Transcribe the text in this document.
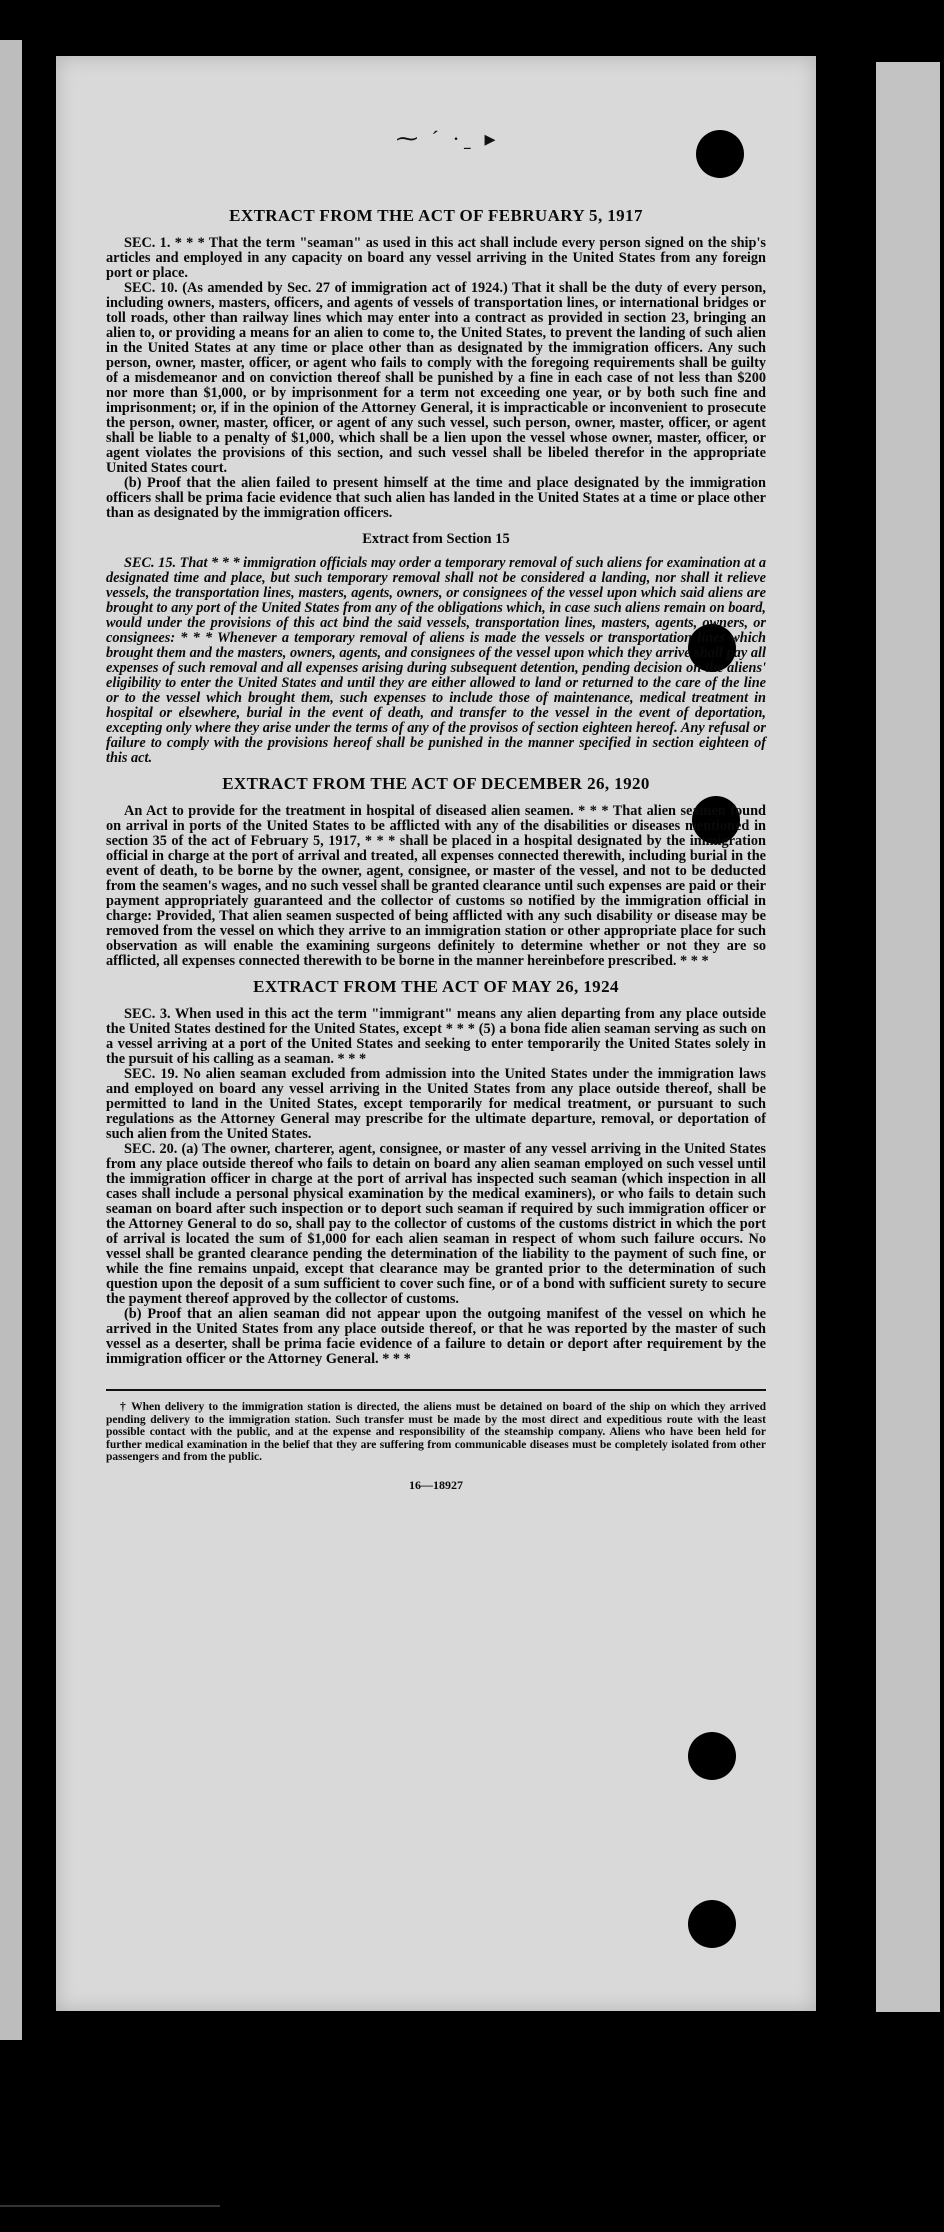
⁓ ˊ ·ˍ ▸
EXTRACT FROM THE ACT OF FEBRUARY 5, 1917

SEC. 1. * * * That the term "seaman" as used in this act shall include every person signed on the ship's articles and employed in any capacity on board any vessel arriving in the United States from any foreign port or place.

SEC. 10. (As amended by Sec. 27 of immigration act of 1924.) That it shall be the duty of every person, including owners, masters, officers, and agents of vessels of transportation lines, or international bridges or toll roads, other than railway lines which may enter into a contract as provided in section 23, bringing an alien to, or providing a means for an alien to come to, the United States, to prevent the landing of such alien in the United States at any time or place other than as designated by the immigration officers. Any such person, owner, master, officer, or agent who fails to comply with the foregoing requirements shall be guilty of a misdemeanor and on conviction thereof shall be punished by a fine in each case of not less than $200 nor more than $1,000, or by imprisonment for a term not exceeding one year, or by both such fine and imprisonment; or, if in the opinion of the Attorney General, it is impracticable or inconvenient to prosecute the person, owner, master, officer, or agent of any such vessel, such person, owner, master, officer, or agent shall be liable to a penalty of $1,000, which shall be a lien upon the vessel whose owner, master, officer, or agent violates the provisions of this section, and such vessel shall be libeled therefor in the appropriate United States court.

(b) Proof that the alien failed to present himself at the time and place designated by the immigration officers shall be prima facie evidence that such alien has landed in the United States at a time or place other than as designated by the immigration officers.

Extract from Section 15

SEC. 15. That * * * immigration officials may order a temporary removal of such aliens for examination at a designated time and place, but such temporary removal shall not be considered a landing, nor shall it relieve vessels, the transportation lines, masters, agents, owners, or consignees of the vessel upon which said aliens are brought to any port of the United States from any of the obligations which, in case such aliens remain on board, would under the provisions of this act bind the said vessels, transportation lines, masters, agents, owners, or consignees: * * * Whenever a temporary removal of aliens is made the vessels or transportation lines which brought them and the masters, owners, agents, and consignees of the vessel upon which they arrive shall pay all expenses of such removal and all expenses arising during subsequent detention, pending decision on the aliens' eligibility to enter the United States and until they are either allowed to land or returned to the care of the line or to the vessel which brought them, such expenses to include those of maintenance, medical treatment in hospital or elsewhere, burial in the event of death, and transfer to the vessel in the event of deportation, excepting only where they arise under the terms of any of the provisos of section eighteen hereof. Any refusal or failure to comply with the provisions hereof shall be punished in the manner specified in section eighteen of this act.

EXTRACT FROM THE ACT OF DECEMBER 26, 1920

An Act to provide for the treatment in hospital of diseased alien seamen. * * * That alien seamen found on arrival in ports of the United States to be afflicted with any of the disabilities or diseases mentioned in section 35 of the act of February 5, 1917, * * * shall be placed in a hospital designated by the immigration official in charge at the port of arrival and treated, all expenses connected therewith, including burial in the event of death, to be borne by the owner, agent, consignee, or master of the vessel, and not to be deducted from the seamen's wages, and no such vessel shall be granted clearance until such expenses are paid or their payment appropriately guaranteed and the collector of customs so notified by the immigration official in charge: Provided, That alien seamen suspected of being afflicted with any such disability or disease may be removed from the vessel on which they arrive to an immigration station or other appropriate place for such observation as will enable the examining surgeons definitely to determine whether or not they are so afflicted, all expenses connected therewith to be borne in the manner hereinbefore prescribed. * * *

EXTRACT FROM THE ACT OF MAY 26, 1924

SEC. 3. When used in this act the term "immigrant" means any alien departing from any place outside the United States destined for the United States, except * * * (5) a bona fide alien seaman serving as such on a vessel arriving at a port of the United States and seeking to enter temporarily the United States solely in the pursuit of his calling as a seaman. * * *

SEC. 19. No alien seaman excluded from admission into the United States under the immigration laws and employed on board any vessel arriving in the United States from any place outside thereof, shall be permitted to land in the United States, except temporarily for medical treatment, or pursuant to such regulations as the Attorney General may prescribe for the ultimate departure, removal, or deportation of such alien from the United States.

SEC. 20. (a) The owner, charterer, agent, consignee, or master of any vessel arriving in the United States from any place outside thereof who fails to detain on board any alien seaman employed on such vessel until the immigration officer in charge at the port of arrival has inspected such seaman (which inspection in all cases shall include a personal physical examination by the medical examiners), or who fails to detain such seaman on board after such inspection or to deport such seaman if required by such immigration officer or the Attorney General to do so, shall pay to the collector of customs of the customs district in which the port of arrival is located the sum of $1,000 for each alien seaman in respect of whom such failure occurs. No vessel shall be granted clearance pending the determination of the liability to the payment of such fine, or while the fine remains unpaid, except that clearance may be granted prior to the determination of such question upon the deposit of a sum sufficient to cover such fine, or of a bond with sufficient surety to secure the payment thereof approved by the collector of customs.

(b) Proof that an alien seaman did not appear upon the outgoing manifest of the vessel on which he arrived in the United States from any place outside thereof, or that he was reported by the master of such vessel as a deserter, shall be prima facie evidence of a failure to detain or deport after requirement by the immigration officer or the Attorney General. * * *

† When delivery to the immigration station is directed, the aliens must be detained on board of the ship on which they arrived pending delivery to the immigration station. Such transfer must be made by the most direct and expeditious route with the least possible contact with the public, and at the expense and responsibility of the steamship company. Aliens who have been held for further medical examination in the belief that they are suffering from communicable diseases must be completely isolated from other passengers and from the public.

16—18927
